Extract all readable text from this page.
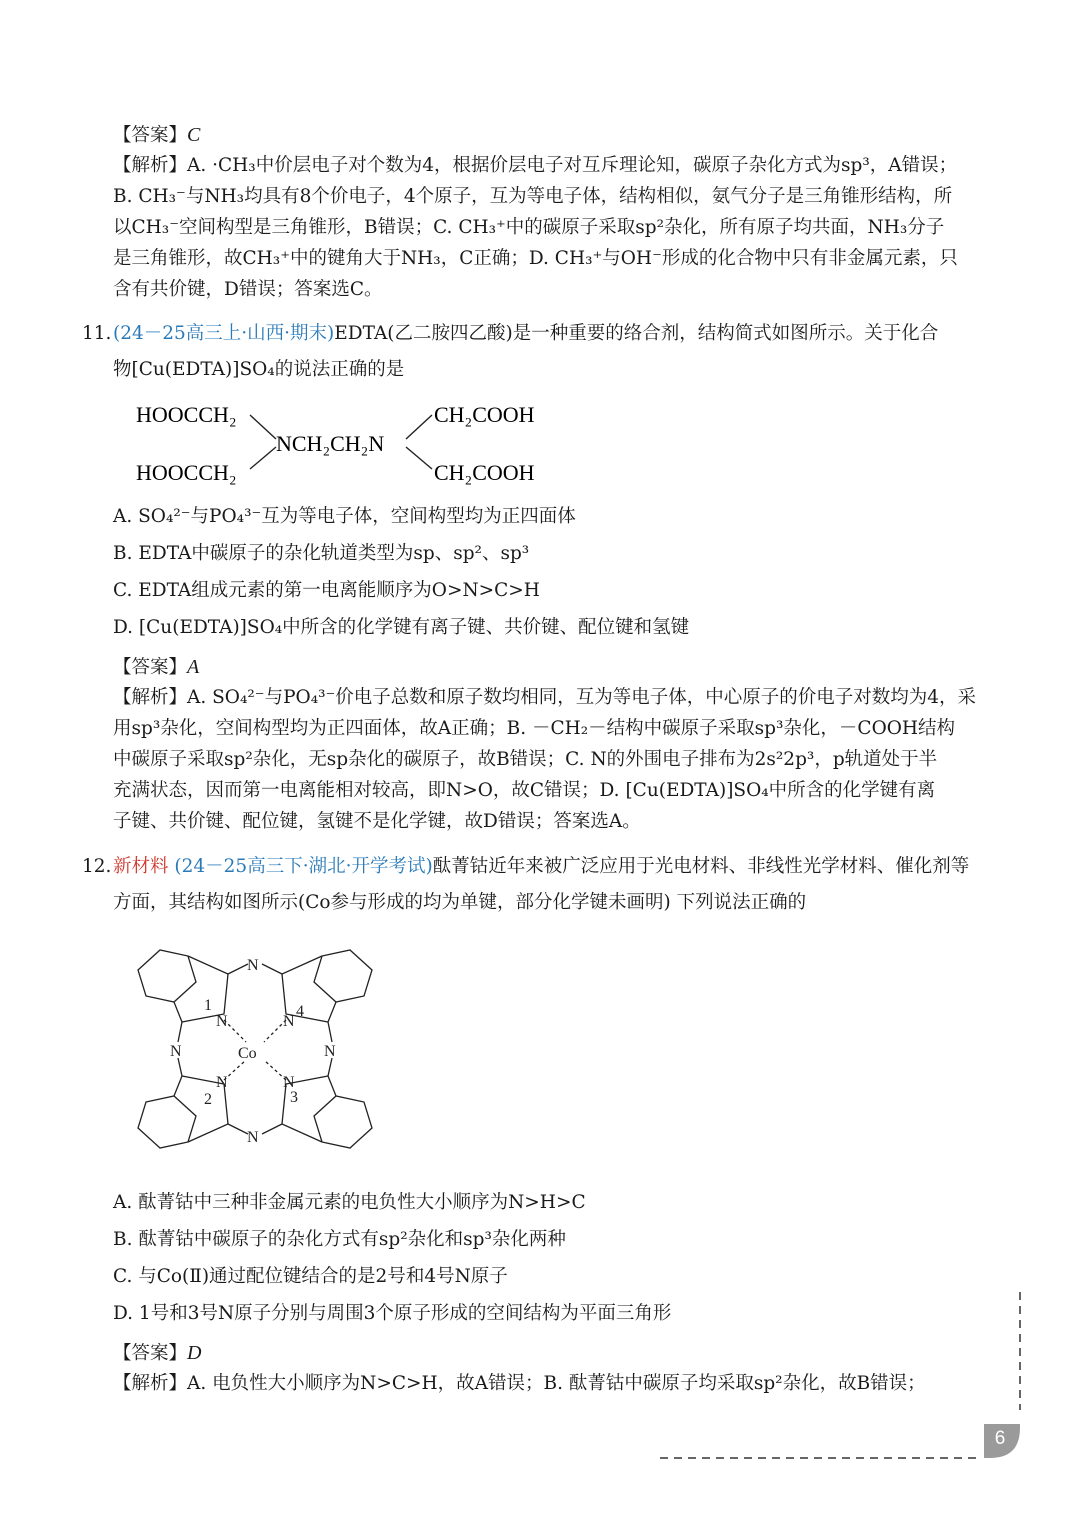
【答案】C
【解析】A. ·CH₃中价层电子对个数为4，根据价层电子对互斥理论知，碳原子杂化方式为sp³，A错误；
B. CH₃⁻与NH₃均具有8个价电子，4个原子，互为等电子体，结构相似，氨气分子是三角锥形结构，所
以CH₃⁻空间构型是三角锥形，B错误；C. CH₃⁺中的碳原子采取sp²杂化，所有原子均共面，NH₃分子
是三角锥形，故CH₃⁺中的键角大于NH₃，C正确；D. CH₃⁺与OH⁻形成的化合物中只有非金属元素，只
含有共价键，D错误；答案选C。
11. (24－25高三上·山西·期末)EDTA(乙二胺四乙酸)是一种重要的络合剂，结构简式如图所示。关于化合
物[Cu(EDTA)]SO₄的说法正确的是
HOOCCH₂
HOOCCH₂
NCH₂CH₂N
CH₂COOH
CH₂COOH
A. SO₄²⁻与PO₄³⁻互为等电子体，空间构型均为正四面体
B. EDTA中碳原子的杂化轨道类型为sp、sp²、sp³
C. EDTA组成元素的第一电离能顺序为O>N>C>H
D. [Cu(EDTA)]SO₄中所含的化学键有离子键、共价键、配位键和氢键
【答案】A
【解析】A. SO₄²⁻与PO₄³⁻价电子总数和原子数均相同，互为等电子体，中心原子的价电子对数均为4，采
用sp³杂化，空间构型均为正四面体，故A正确；B. －CH₂－结构中碳原子采取sp³杂化，－COOH结构
中碳原子采取sp²杂化，无sp杂化的碳原子，故B错误；C. N的外围电子排布为2s²2p³，p轨道处于半
充满状态，因而第一电离能相对较高，即N>O，故C错误；D. [Cu(EDTA)]SO₄中所含的化学键有离
子键、共价键、配位键，氢键不是化学键，故D错误；答案选A。
12. 新材料 (24－25高三下·湖北·开学考试)酞菁钴近年来被广泛应用于光电材料、非线性光学材料、催化剂等
方面，其结构如图所示(Co参与形成的均为单键，部分化学键未画明) 下列说法正确的
N
N
N	N
N	N
N	N
Co
1
2	3
4
A. 酞菁钴中三种非金属元素的电负性大小顺序为N>H>C
B. 酞菁钴中碳原子的杂化方式有sp²杂化和sp³杂化两种
C. 与Co(Ⅱ)通过配位键结合的是2号和4号N原子
D. 1号和3号N原子分别与周围3个原子形成的空间结构为平面三角形
【答案】D
【解析】A. 电负性大小顺序为N>C>H，故A错误；B. 酞菁钴中碳原子均采取sp²杂化，故B错误；
6
